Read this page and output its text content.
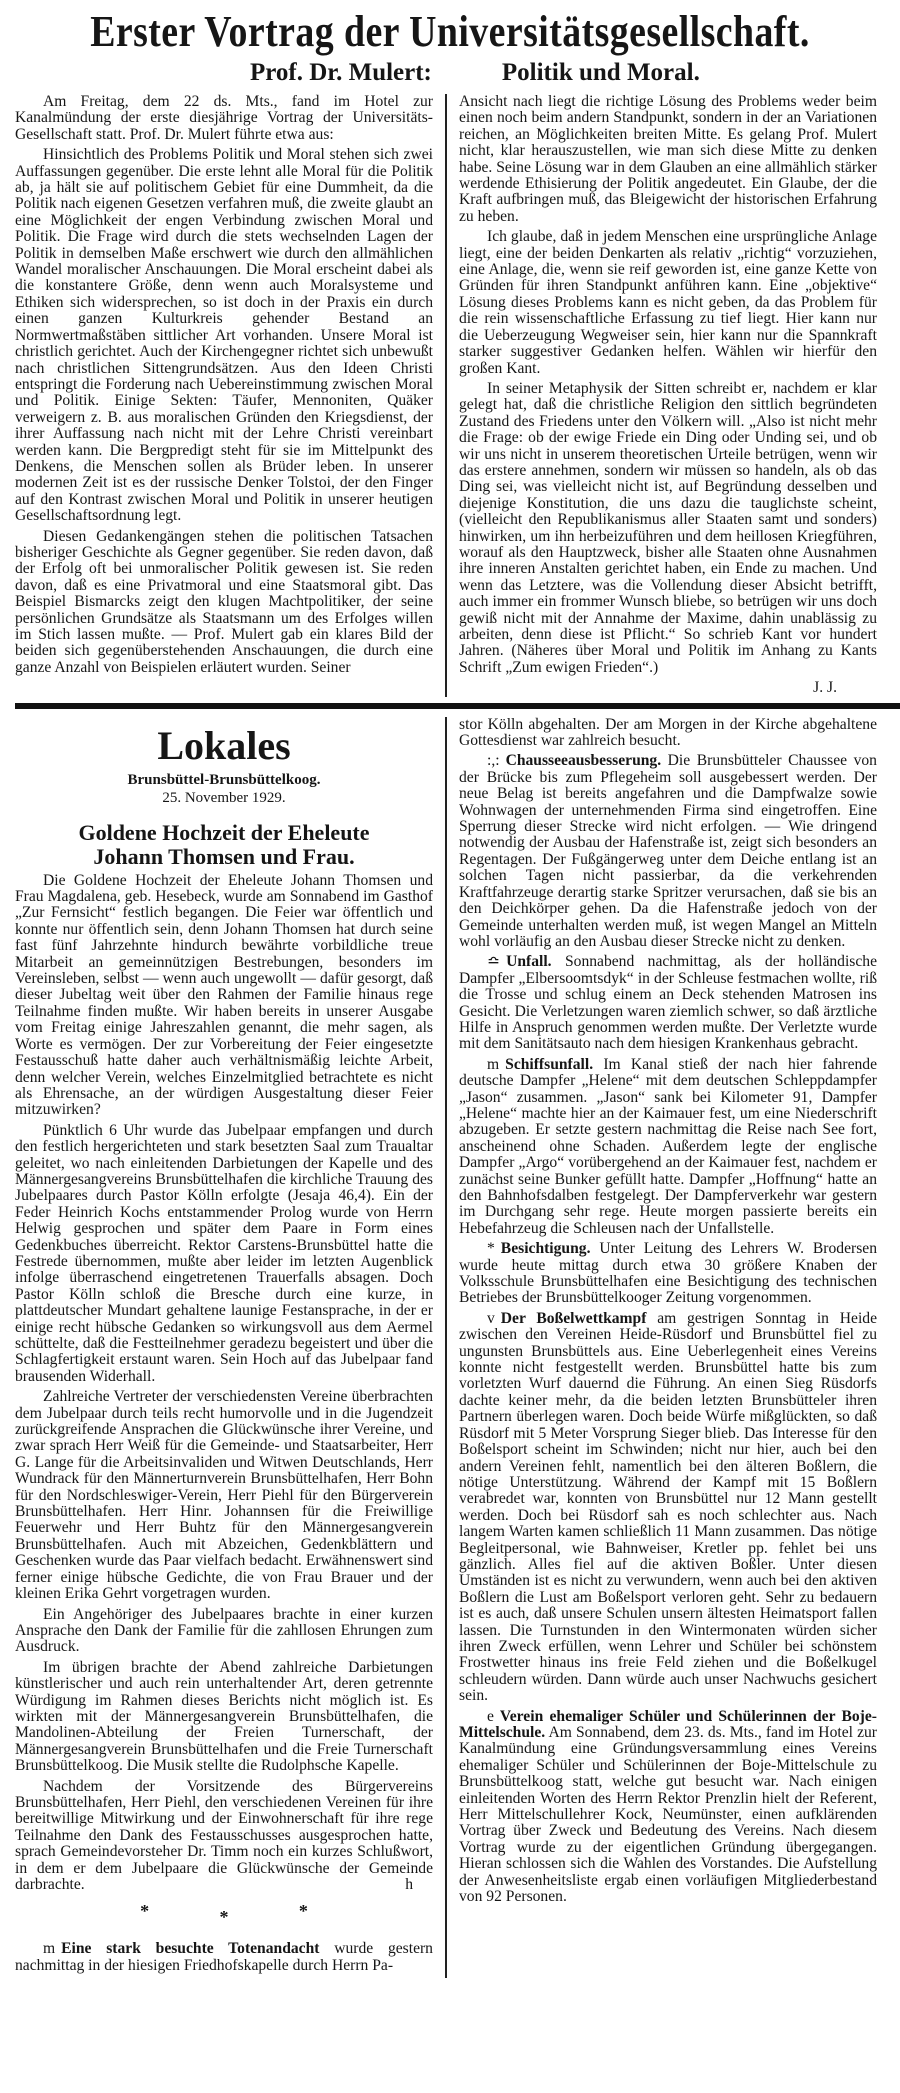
Erster Vortrag der Universitätsgesellschaft.
Prof. Dr. Mulert:	Politik und Moral.

Am Freitag, dem 22 ds. Mts., fand im Hotel zur Kanalmündung der erste diesjährige Vortrag der Universitäts-Gesellschaft statt. Prof. Dr. Mulert führte etwa aus:

Hinsichtlich des Problems Politik und Moral stehen sich zwei Auffassungen gegenüber. Die erste lehnt alle Moral für die Politik ab, ja hält sie auf politischem Gebiet für eine Dummheit, da die Politik nach eigenen Gesetzen verfahren muß, die zweite glaubt an eine Möglichkeit der engen Verbindung zwischen Moral und Politik. Die Frage wird durch die stets wechselnden Lagen der Politik in demselben Maße erschwert wie durch den allmählichen Wandel moralischer Anschauungen. Die Moral erscheint dabei als die konstantere Größe, denn wenn auch Moralsysteme und Ethiken sich widersprechen, so ist doch in der Praxis ein durch einen ganzen Kulturkreis gehender Bestand an Normwertmaßstäben sittlicher Art vorhanden. Unsere Moral ist christlich gerichtet. Auch der Kirchengegner richtet sich unbewußt nach christlichen Sittengrundsätzen. Aus den Ideen Christi entspringt die Forderung nach Uebereinstimmung zwischen Moral und Politik. Einige Sekten: Täufer, Mennoniten, Quäker verweigern z. B. aus moralischen Gründen den Kriegsdienst, der ihrer Auffassung nach nicht mit der Lehre Christi vereinbart werden kann. Die Bergpredigt steht für sie im Mittelpunkt des Denkens, die Menschen sollen als Brüder leben. In unserer modernen Zeit ist es der russische Denker Tolstoi, der den Finger auf den Kontrast zwischen Moral und Politik in unserer heutigen Gesellschaftsordnung legt.

Diesen Gedankengängen stehen die politischen Tatsachen bisheriger Geschichte als Gegner gegenüber. Sie reden davon, daß der Erfolg oft bei unmoralischer Politik gewesen ist. Sie reden davon, daß es eine Privatmoral und eine Staatsmoral gibt. Das Beispiel Bismarcks zeigt den klugen Machtpolitiker, der seine persönlichen Grundsätze als Staatsmann um des Erfolges willen im Stich lassen mußte. — Prof. Mulert gab ein klares Bild der beiden sich gegenüberstehenden Anschauungen, die durch eine ganze Anzahl von Beispielen erläutert wurden. Seiner

Ansicht nach liegt die richtige Lösung des Problems weder beim einen noch beim andern Standpunkt, sondern in der an Variationen reichen, an Möglichkeiten breiten Mitte. Es gelang Prof. Mulert nicht, klar herauszustellen, wie man sich diese Mitte zu denken habe. Seine Lösung war in dem Glauben an eine allmählich stärker werdende Ethisierung der Politik angedeutet. Ein Glaube, der die Kraft aufbringen muß, das Bleigewicht der historischen Erfahrung zu heben.

Ich glaube, daß in jedem Menschen eine ursprüngliche Anlage liegt, eine der beiden Denkarten als relativ „richtig“ vorzuziehen, eine Anlage, die, wenn sie reif geworden ist, eine ganze Kette von Gründen für ihren Standpunkt anführen kann. Eine „objektive“ Lösung dieses Problems kann es nicht geben, da das Problem für die rein wissenschaftliche Erfassung zu tief liegt. Hier kann nur die Ueberzeugung Wegweiser sein, hier kann nur die Spannkraft starker suggestiver Gedanken helfen. Wählen wir hierfür den großen Kant.

In seiner Metaphysik der Sitten schreibt er, nachdem er klar gelegt hat, daß die christliche Religion den sittlich begründeten Zustand des Friedens unter den Völkern will. „Also ist nicht mehr die Frage: ob der ewige Friede ein Ding oder Unding sei, und ob wir uns nicht in unserem theoretischen Urteile betrügen, wenn wir das erstere annehmen, sondern wir müssen so handeln, als ob das Ding sei, was vielleicht nicht ist, auf Begründung desselben und diejenige Konstitution, die uns dazu die tauglichste scheint, (vielleicht den Republikanismus aller Staaten samt und sonders) hinwirken, um ihn herbeizuführen und dem heillosen Kriegführen, worauf als den Hauptzweck, bisher alle Staaten ohne Ausnahmen ihre inneren Anstalten gerichtet haben, ein Ende zu machen. Und wenn das Letztere, was die Vollendung dieser Absicht betrifft, auch immer ein frommer Wunsch bliebe, so betrügen wir uns doch gewiß nicht mit der Annahme der Maxime, dahin unablässig zu arbeiten, denn diese ist Pflicht.“ So schrieb Kant vor hundert Jahren. (Näheres über Moral und Politik im Anhang zu Kants Schrift „Zum ewigen Frieden“.)

J. J.
Lokales
Brunsbüttel-Brunsbüttelkoog.
25. November 1929.
Goldene Hochzeit der Eheleute
Johann Thomsen und Frau.

Die Goldene Hochzeit der Eheleute Johann Thomsen und Frau Magdalena, geb. Hesebeck, wurde am Sonnabend im Gasthof „Zur Fernsicht“ festlich begangen. Die Feier war öffentlich und konnte nur öffentlich sein, denn Johann Thomsen hat durch seine fast fünf Jahrzehnte hindurch bewährte vorbildliche treue Mitarbeit an gemeinnützigen Bestrebungen, besonders im Vereinsleben, selbst — wenn auch ungewollt — dafür gesorgt, daß dieser Jubeltag weit über den Rahmen der Familie hinaus rege Teilnahme finden mußte. Wir haben bereits in unserer Ausgabe vom Freitag einige Jahreszahlen genannt, die mehr sagen, als Worte es vermögen. Der zur Vorbereitung der Feier eingesetzte Festausschuß hatte daher auch verhältnismäßig leichte Arbeit, denn welcher Verein, welches Einzelmitglied betrachtete es nicht als Ehrensache, an der würdigen Ausgestaltung dieser Feier mitzuwirken?

Pünktlich 6 Uhr wurde das Jubelpaar empfangen und durch den festlich hergerichteten und stark besetzten Saal zum Traualtar geleitet, wo nach einleitenden Darbietungen der Kapelle und des Männergesangvereins Brunsbüttelhafen die kirchliche Trauung des Jubelpaares durch Pastor Kölln erfolgte (Jesaja 46,4). Ein der Feder Heinrich Kochs entstammender Prolog wurde von Herrn Helwig gesprochen und später dem Paare in Form eines Gedenkbuches überreicht. Rektor Carstens-Brunsbüttel hatte die Festrede übernommen, mußte aber leider im letzten Augenblick infolge überraschend eingetretenen Trauerfalls absagen. Doch Pastor Kölln schloß die Bresche durch eine kurze, in plattdeutscher Mundart gehaltene launige Festansprache, in der er einige recht hübsche Gedanken so wirkungsvoll aus dem Aermel schüttelte, daß die Festteilnehmer geradezu begeistert und über die Schlagfertigkeit erstaunt waren. Sein Hoch auf das Jubelpaar fand brausenden Widerhall.

Zahlreiche Vertreter der verschiedensten Vereine überbrachten dem Jubelpaar durch teils recht humorvolle und in die Jugendzeit zurückgreifende Ansprachen die Glückwünsche ihrer Vereine, und zwar sprach Herr Weiß für die Gemeinde- und Staatsarbeiter, Herr G. Lange für die Arbeitsinvaliden und Witwen Deutschlands, Herr Wundrack für den Männerturnverein Brunsbüttelhafen, Herr Bohn für den Nordschleswiger-Verein, Herr Piehl für den Bürgerverein Brunsbüttelhafen. Herr Hinr. Johannsen für die Freiwillige Feuerwehr und Herr Buhtz für den Männergesangverein Brunsbüttelhafen. Auch mit Abzeichen, Gedenkblättern und Geschenken wurde das Paar vielfach bedacht. Erwähnenswert sind ferner einige hübsche Gedichte, die von Frau Brauer und der kleinen Erika Gehrt vorgetragen wurden.

Ein Angehöriger des Jubelpaares brachte in einer kurzen Ansprache den Dank der Familie für die zahllosen Ehrungen zum Ausdruck.

Im übrigen brachte der Abend zahlreiche Darbietungen künstlerischer und auch rein unterhaltender Art, deren getrennte Würdigung im Rahmen dieses Berichts nicht möglich ist. Es wirkten mit der Männergesangverein Brunsbüttelhafen, die Mandolinen-Abteilung der Freien Turnerschaft, der Männergesangverein Brunsbüttelhafen und die Freie Turnerschaft Brunsbüttelkoog. Die Musik stellte die Rudolphsche Kapelle.

Nachdem der Vorsitzende des Bürgervereins Brunsbüttelhafen, Herr Piehl, den verschiedenen Vereinen für ihre bereitwillige Mitwirkung und der Einwohnerschaft für ihre rege Teilnahme den Dank des Festausschusses ausgesprochen hatte, sprach Gemeindevorsteher Dr. Timm noch ein kurzes Schlußwort, in dem er dem Jubelpaare die Glückwünsche der Gemeinde darbrachte.	h

*	*	*

m Eine stark besuchte Totenandacht wurde gestern nachmittag in der hiesigen Friedhofskapelle durch Herrn Pa-

stor Kölln abgehalten. Der am Morgen in der Kirche abgehaltene Gottesdienst war zahlreich besucht.

:,: Chausseeausbesserung. Die Brunsbütteler Chaussee von der Brücke bis zum Pflegeheim soll ausgebessert werden. Der neue Belag ist bereits angefahren und die Dampfwalze sowie Wohnwagen der unternehmenden Firma sind eingetroffen. Eine Sperrung dieser Strecke wird nicht erfolgen. — Wie dringend notwendig der Ausbau der Hafenstraße ist, zeigt sich besonders an Regentagen. Der Fußgängerweg unter dem Deiche entlang ist an solchen Tagen nicht passierbar, da die verkehrenden Kraftfahrzeuge derartig starke Spritzer verursachen, daß sie bis an den Deichkörper gehen. Da die Hafenstraße jedoch von der Gemeinde unterhalten werden muß, ist wegen Mangel an Mitteln wohl vorläufig an den Ausbau dieser Strecke nicht zu denken.

≏ Unfall. Sonnabend nachmittag, als der holländische Dampfer „Elbersoomtsdyk“ in der Schleuse festmachen wollte, riß die Trosse und schlug einem an Deck stehenden Matrosen ins Gesicht. Die Verletzungen waren ziemlich schwer, so daß ärztliche Hilfe in Anspruch genommen werden mußte. Der Verletzte wurde mit dem Sanitätsauto nach dem hiesigen Krankenhaus gebracht.

m Schiffsunfall. Im Kanal stieß der nach hier fahrende deutsche Dampfer „Helene“ mit dem deutschen Schleppdampfer „Jason“ zusammen. „Jason“ sank bei Kilometer 91, Dampfer „Helene“ machte hier an der Kaimauer fest, um eine Niederschrift abzugeben. Er setzte gestern nachmittag die Reise nach See fort, anscheinend ohne Schaden. Außerdem legte der englische Dampfer „Argo“ vorübergehend an der Kaimauer fest, nachdem er zunächst seine Bunker gefüllt hatte. Dampfer „Hoffnung“ hatte an den Bahnhofsdalben festgelegt. Der Dampferverkehr war gestern im Durchgang sehr rege. Heute morgen passierte bereits ein Hebefahrzeug die Schleusen nach der Unfallstelle.

* Besichtigung. Unter Leitung des Lehrers W. Brodersen wurde heute mittag durch etwa 30 größere Knaben der Volksschule Brunsbüttelhafen eine Besichtigung des technischen Betriebes der Brunsbüttelkooger Zeitung vorgenommen.

v Der Boßelwettkampf am gestrigen Sonntag in Heide zwischen den Vereinen Heide-Rüsdorf und Brunsbüttel fiel zu ungunsten Brunsbüttels aus. Eine Ueberlegenheit eines Vereins konnte nicht festgestellt werden. Brunsbüttel hatte bis zum vorletzten Wurf dauernd die Führung. An einen Sieg Rüsdorfs dachte keiner mehr, da die beiden letzten Brunsbütteler ihren Partnern überlegen waren. Doch beide Würfe mißglückten, so daß Rüsdorf mit 5 Meter Vorsprung Sieger blieb. Das Interesse für den Boßelsport scheint im Schwinden; nicht nur hier, auch bei den andern Vereinen fehlt, namentlich bei den älteren Boßlern, die nötige Unterstützung. Während der Kampf mit 15 Boßlern verabredet war, konnten von Brunsbüttel nur 12 Mann gestellt werden. Doch bei Rüsdorf sah es noch schlechter aus. Nach langem Warten kamen schließlich 11 Mann zusammen. Das nötige Begleitpersonal, wie Bahnweiser, Kretler pp. fehlet bei uns gänzlich. Alles fiel auf die aktiven Boßler. Unter diesen Umständen ist es nicht zu verwundern, wenn auch bei den aktiven Boßlern die Lust am Boßelsport verloren geht. Sehr zu bedauern ist es auch, daß unsere Schulen unsern ältesten Heimatsport fallen lassen. Die Turnstunden in den Wintermonaten würden sicher ihren Zweck erfüllen, wenn Lehrer und Schüler bei schönstem Frostwetter hinaus ins freie Feld ziehen und die Boßelkugel schleudern würden. Dann würde auch unser Nachwuchs gesichert sein.

e Verein ehemaliger Schüler und Schülerinnen der Boje-Mittelschule. Am Sonnabend, dem 23. ds. Mts., fand im Hotel zur Kanalmündung eine Gründungsversammlung eines Vereins ehemaliger Schüler und Schülerinnen der Boje-Mittelschule zu Brunsbüttelkoog statt, welche gut besucht war. Nach einigen einleitenden Worten des Herrn Rektor Prenzlin hielt der Referent, Herr Mittelschullehrer Kock, Neumünster, einen aufklärenden Vortrag über Zweck und Bedeutung des Vereins. Nach diesem Vortrag wurde zu der eigentlichen Gründung übergegangen. Hieran schlossen sich die Wahlen des Vorstandes. Die Aufstellung der Anwesenheitsliste ergab einen vorläufigen Mitgliederbestand von 92 Personen.
